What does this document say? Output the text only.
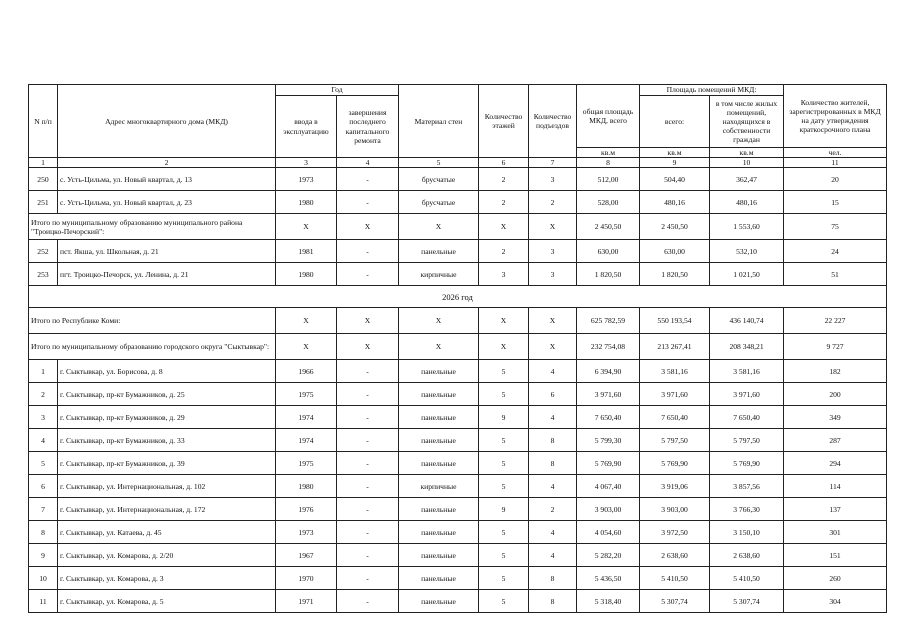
N п/п	Адрес многоквартирного дома (МКД)	Год		Материал стен	Количество этажей	Количество подъездов	общая площадь МКД, всего	Площадь помещений МКД:		Количество жителей, зарегистрированных в МКД на дату утверждения краткосрочного плана
		ввода в эксплуатацию	завершения последнего капитального ремонта					всего:	в том числе жилых помещений, находящихся в собственности граждан	
							кв.м	кв.м	кв.м	чел.
1	2	3	4	5	6	7	8	9	10	11
250	с. Усть-Цильма, ул. Новый квартал, д. 13	1973	-	брусчатые	2	3	512,00	504,40	362,47	20
251	с. Усть-Цильма, ул. Новый квартал, д. 23	1980	-	брусчатые	2	2	528,00	480,16	480,16	15
Итого по муниципальному образованию муниципального района "Троицко-Печорский":		X	X	X	X	X	2 450,50	2 450,50	1 553,60	75
252	пст. Якша, ул. Школьная, д. 21	1981	-	панельные	2	3	630,00	630,00	532,10	24
253	пгт. Троицко-Печорск, ул. Ленина, д. 21	1980	-	кирпичные	3	3	1 820,50	1 820,50	1 021,50	51
2026 год										
Итого по Республике Коми:		X	X	X	X	X	625 782,59	550 193,54	436 140,74	22 227
Итого по муниципальному образованию городского округа "Сыктывкар":		X	X	X	X	X	232 754,08	213 267,41	208 348,21	9 727
1	г. Сыктывкар, ул. Борисова, д. 8	1966	-	панельные	5	4	6 394,90	3 581,16	3 581,16	182
2	г. Сыктывкар, пр-кт Бумажников, д. 25	1975	-	панельные	5	6	3 971,60	3 971,60	3 971,60	200
3	г. Сыктывкар, пр-кт Бумажников, д. 29	1974	-	панельные	9	4	7 650,40	7 650,40	7 650,40	349
4	г. Сыктывкар, пр-кт Бумажников, д. 33	1974	-	панельные	5	8	5 799,30	5 797,50	5 797,50	287
5	г. Сыктывкар, пр-кт Бумажников, д. 39	1975	-	панельные	5	8	5 769,90	5 769,90	5 769,90	294
6	г. Сыктывкар, ул. Интернациональная, д. 102	1980	-	кирпичные	5	4	4 067,40	3 919,06	3 857,56	114
7	г. Сыктывкар, ул. Интернациональная, д. 172	1976	-	панельные	9	2	3 903,00	3 903,00	3 766,30	137
8	г. Сыктывкар, ул. Катаева, д. 45	1973	-	панельные	5	4	4 054,60	3 972,50	3 150,10	301
9	г. Сыктывкар, ул. Комарова, д. 2/20	1967	-	панельные	5	4	5 282,20	2 638,60	2 638,60	151
10	г. Сыктывкар, ул. Комарова, д. 3	1970	-	панельные	5	8	5 436,50	5 410,50	5 410,50	260
11	г. Сыктывкар, ул. Комарова, д. 5	1971	-	панельные	5	8	5 318,40	5 307,74	5 307,74	304
